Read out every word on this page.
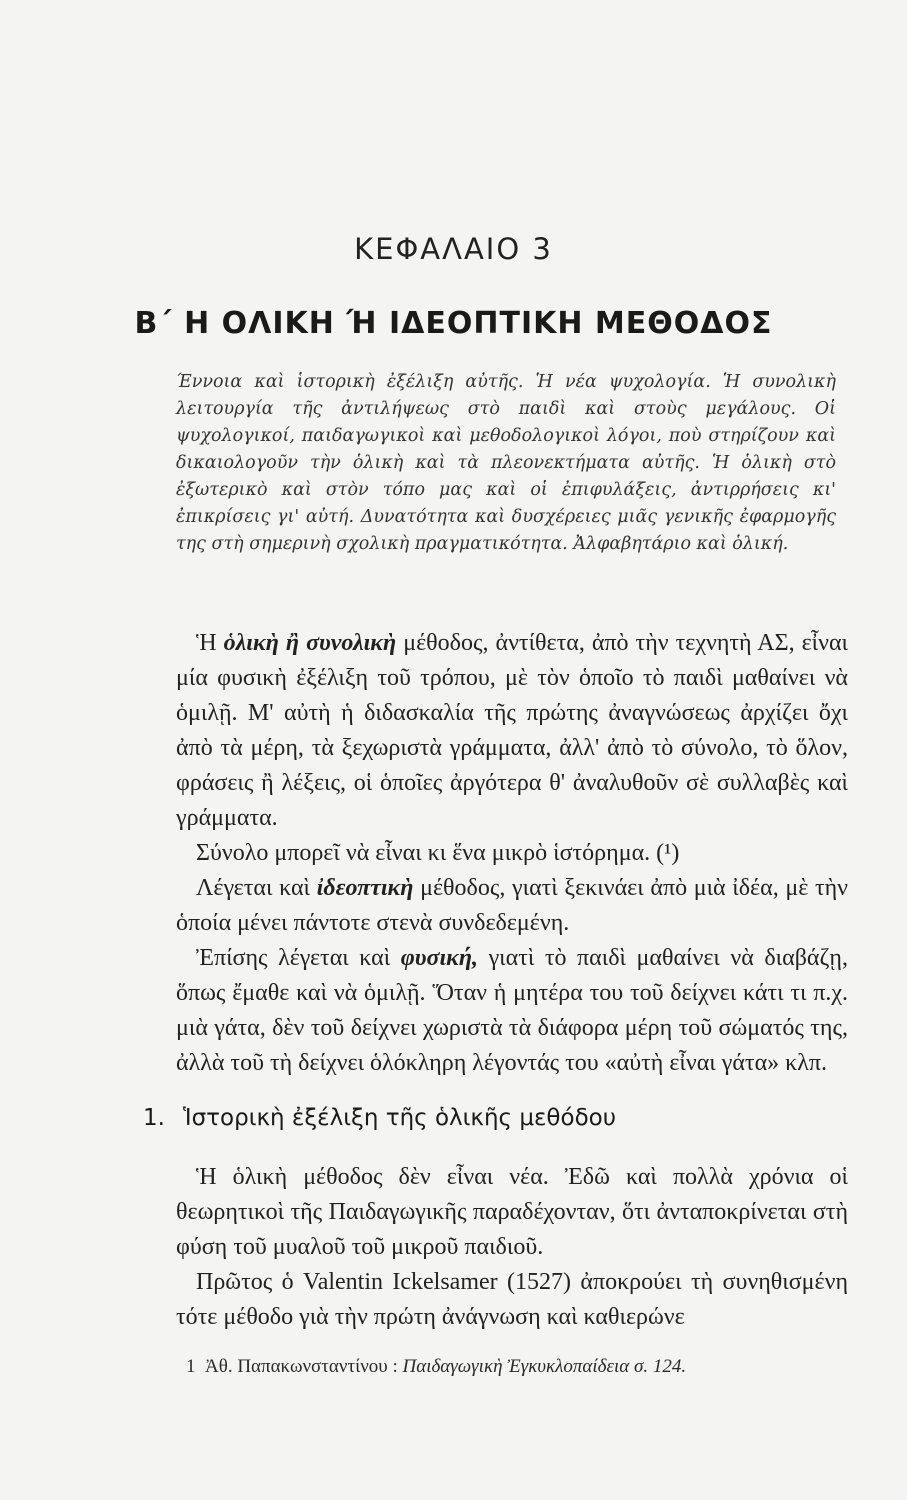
ΚΕΦΑΛΑΙΟ 3
Β΄ Η ΟΛΙΚΗ Ή ΙΔΕΟΠΤΙΚΗ ΜΕΘΟΔΟΣ
Έννοια καὶ ἱστορικὴ ἐξέλιξη αὐτῆς. Ἡ νέα ψυχολογία. Ἡ συνολικὴ λειτουργία τῆς ἀντιλήψεως στὸ παιδὶ καὶ στοὺς μεγάλους. Οἱ ψυχολογικοί, παιδαγωγικοὶ καὶ μεθοδολογικοὶ λόγοι, ποὺ στηρίζουν καὶ δικαιολογοῦν τὴν ὁλικὴ καὶ τὰ πλεονεκτήματα αὐτῆς. Ἡ ὁλικὴ στὸ ἐξωτερικὸ καὶ στὸν τόπο μας καὶ οἱ ἐπιφυλάξεις, ἀντιρρήσεις κι' ἐπικρίσεις γι' αὐτή. Δυνατότητα καὶ δυσχέρειες μιᾶς γενικῆς ἐφαρμογῆς της στὴ σημερινὴ σχολικὴ πραγματικότητα. Ἀλφαβητάριο καὶ ὁλική.

Ἡ ὁλικὴ ἢ συνολικὴ μέθοδος, ἀντίθετα, ἀπὸ τὴν τεχνητὴ ΑΣ, εἶναι μία φυσικὴ ἐξέλιξη τοῦ τρόπου, μὲ τὸν ὁποῖο τὸ παιδὶ μαθαίνει νὰ ὁμιλῇ. Μ' αὐτὴ ἡ διδασκαλία τῆς πρώτης ἀναγνώσεως ἀρχίζει ὄχι ἀπὸ τὰ μέρη, τὰ ξεχωριστὰ γράμματα, ἀλλ' ἀπὸ τὸ σύνολο, τὸ ὅλον, φράσεις ἢ λέξεις, οἱ ὁποῖες ἀργότερα θ' ἀναλυθοῦν σὲ συλλαβὲς καὶ γράμματα.

Σύνολο μπορεῖ νὰ εἶναι κι ἕνα μικρὸ ἱστόρημα. (¹)

Λέγεται καὶ ἰδεοπτικὴ μέθοδος, γιατὶ ξεκινάει ἀπὸ μιὰ ἰδέα, μὲ τὴν ὁποία μένει πάντοτε στενὰ συνδεδεμένη.

Ἐπίσης λέγεται καὶ φυσική, γιατὶ τὸ παιδὶ μαθαίνει νὰ διαβάζῃ, ὅπως ἔμαθε καὶ νὰ ὁμιλῇ. Ὅταν ἡ μητέρα του τοῦ δείχνει κάτι τι π.χ. μιὰ γάτα, δὲν τοῦ δείχνει χωριστὰ τὰ διάφορα μέρη τοῦ σώματός της, ἀλλὰ τοῦ τὴ δείχνει ὁλόκληρη λέγοντάς του «αὐτὴ εἶναι γάτα» κλπ.

1. Ἱστορικὴ ἐξέλιξη τῆς ὁλικῆς μεθόδου

Ἡ ὁλικὴ μέθοδος δὲν εἶναι νέα. Ἐδῶ καὶ πολλὰ χρόνια οἱ θεωρητικοὶ τῆς Παιδαγωγικῆς παραδέχονταν, ὅτι ἀνταποκρίνεται στὴ φύση τοῦ μυαλοῦ τοῦ μικροῦ παιδιοῦ.

Πρῶτος ὁ Valentin Ickelsamer (1527) ἀποκρούει τὴ συνηθισμένη τότε μέθοδο γιὰ τὴν πρώτη ἀνάγνωση καὶ καθιερώνε

1 Ἀθ. Παπακωνσταντίνου : Παιδαγωγικὴ Ἐγκυκλοπαίδεια σ. 124.
